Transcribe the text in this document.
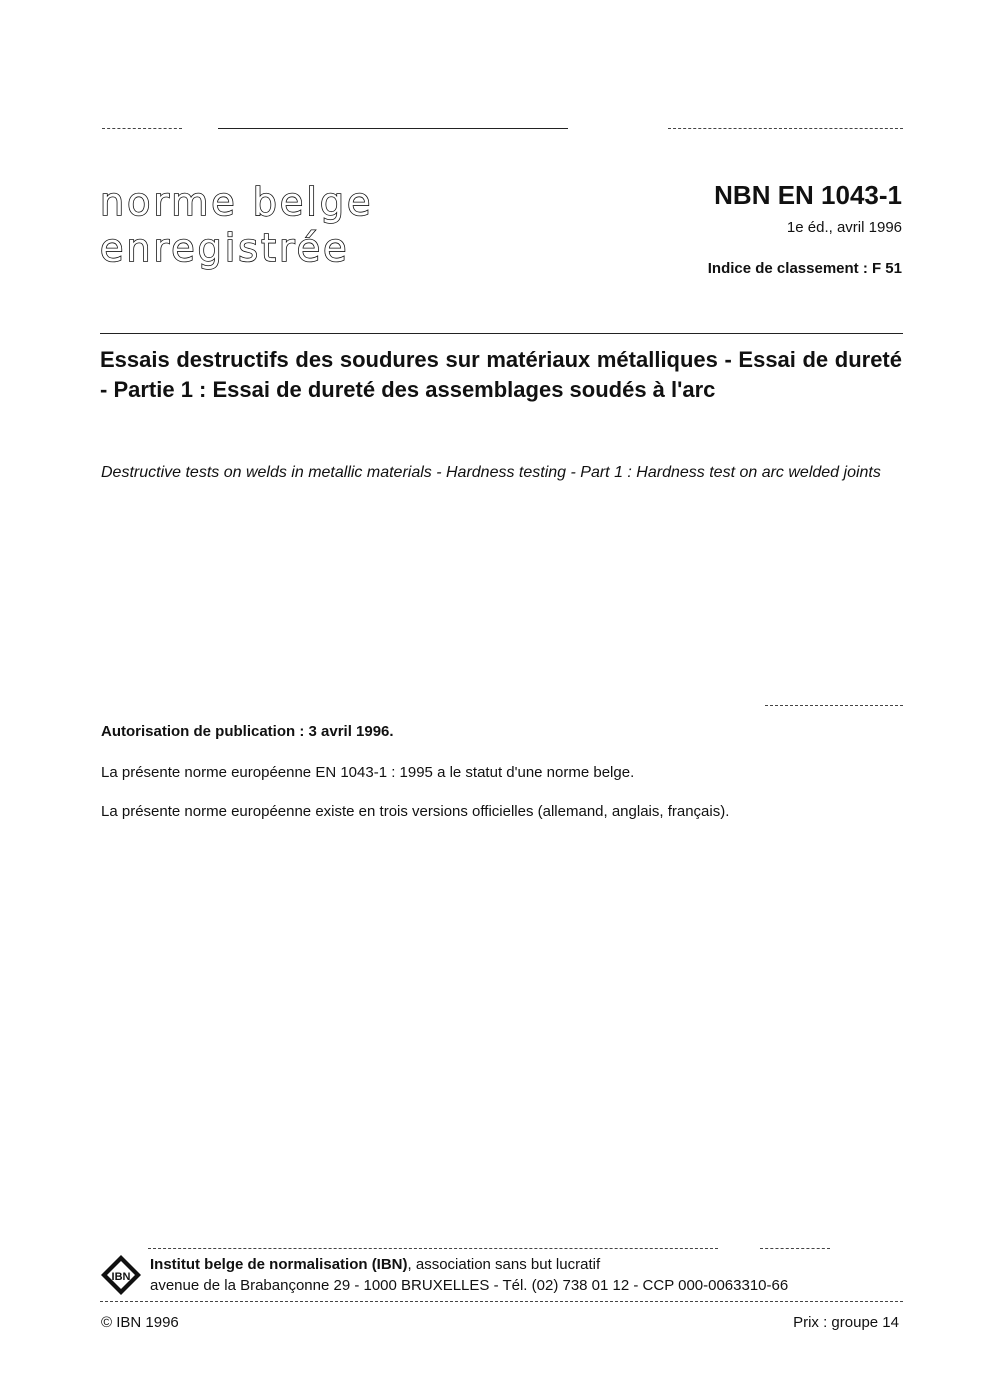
norme belge
enregistrée
NBN EN 1043-1
1e éd., avril 1996
Indice de classement : F 51

Essais destructifs des soudures sur matériaux métalliques - Essai de dureté - Partie 1 : Essai de dureté des assemblages soudés à l'arc

Destructive tests on welds in metallic materials - Hardness testing - Part 1 : Hardness test on arc welded joints

Autorisation de publication : 3 avril 1996.
La présente norme européenne EN 1043-1 : 1995 a le statut d'une norme belge.
La présente norme européenne existe en trois versions officielles (allemand, anglais, français).
IBN
Institut belge de normalisation (IBN), association sans but lucratif
avenue de la Brabançonne 29 - 1000 BRUXELLES - Tél. (02) 738 01 12 - CCP 000-0063310-66
© IBN 1996	Prix : groupe 14
